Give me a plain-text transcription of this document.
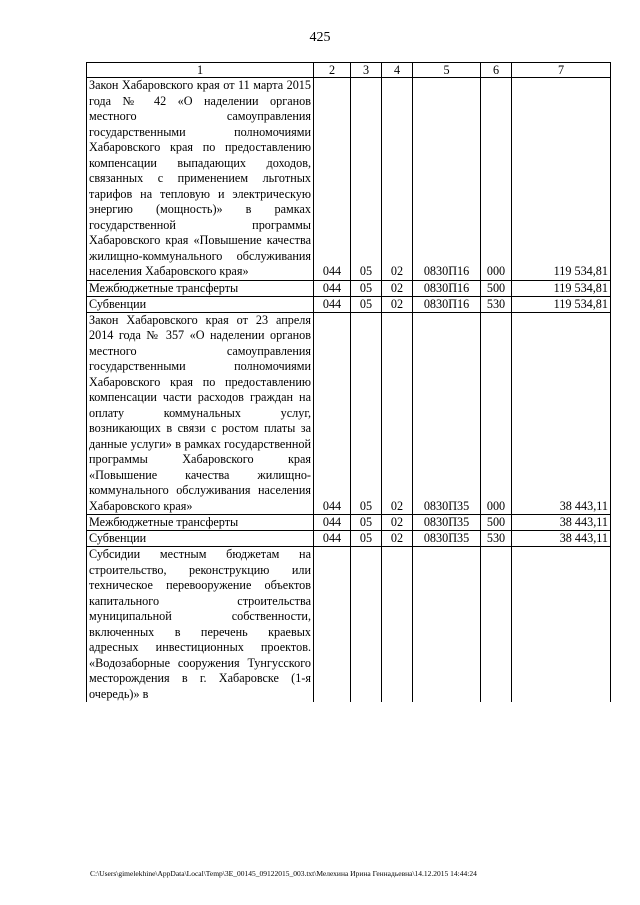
425
1	2	3	4	5	6	7
Закон Хабаровского края от 11 марта 2015 года № 42 «О наделении органов местного самоуправления государственными полномочиями Хабаровского края по предоставлению компенсации выпадающих доходов, связанных с применением льготных тарифов на тепловую и электрическую энергию (мощность)» в рамках государственной программы Хабаровского края «Повышение качества жилищно-коммунального обслуживания населения Хабаровского края»	044	05	02	0830П16	000	119 534,81
Межбюджетные трансферты	044	05	02	0830П16	500	119 534,81
Субвенции	044	05	02	0830П16	530	119 534,81
Закон Хабаровского края от 23 апреля 2014 года № 357 «О наделении органов местного самоуправления государственными полномочиями Хабаровского края по предоставлению компенсации части расходов граждан на оплату коммунальных услуг, возникающих в связи с ростом платы за данные услуги» в рамках государственной программы Хабаровского края «Повышение качества жилищно-коммунального обслуживания населения Хабаровского края»	044	05	02	0830П35	000	38 443,11
Межбюджетные трансферты	044	05	02	0830П35	500	38 443,11
Субвенции	044	05	02	0830П35	530	38 443,11
Субсидии местным бюджетам на строительство, реконструкцию или техническое перевооружение объектов капитального строительства муниципальной собственности, включенных в перечень краевых адресных инвестиционных проектов. «Водозаборные сооружения Тунгусского месторождения в г. Хабаровске (1-я очередь)» в						
C:\Users\gimelekhine\AppData\Local\Temp\3E_00145_09122015_003.txt\Мелехина Ирина Геннадьевна\14.12.2015 14:44:24
